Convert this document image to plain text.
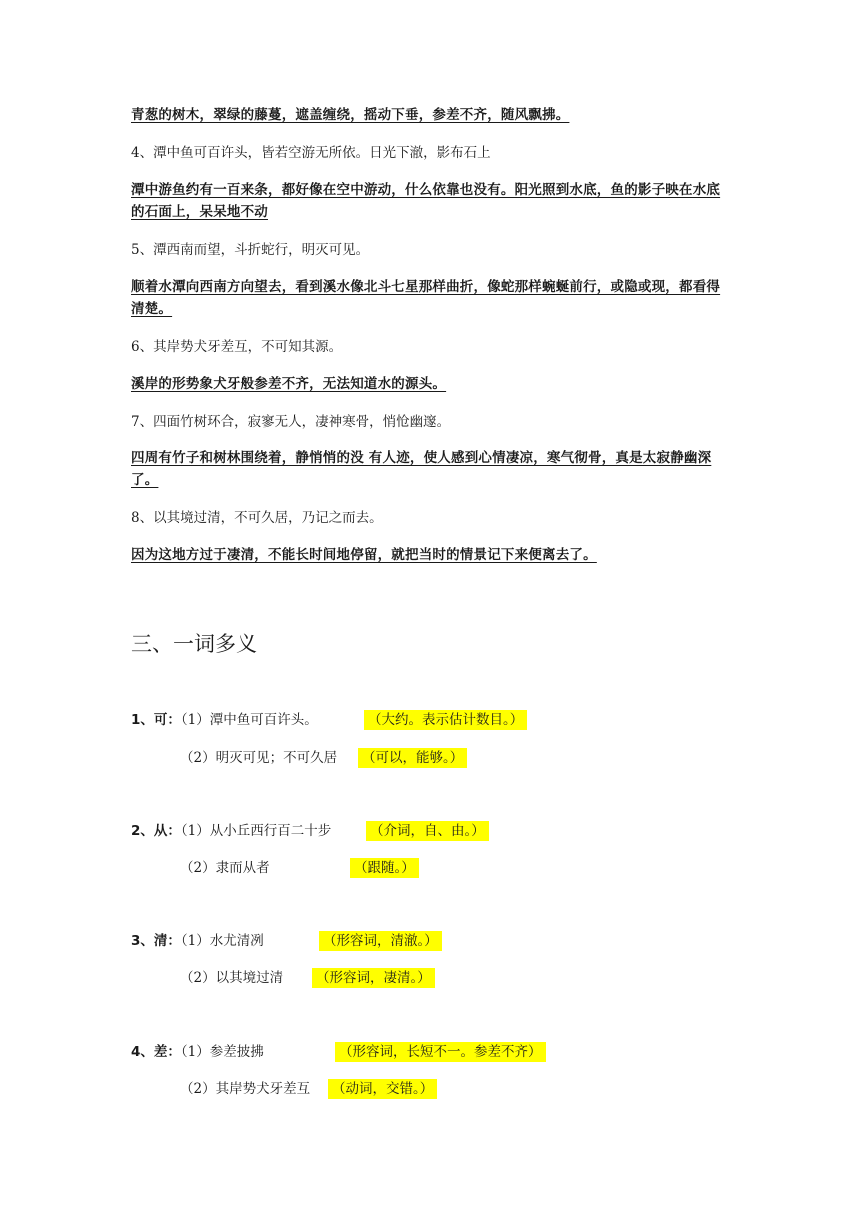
青葱的树木，翠绿的藤蔓，遮盖缠绕，摇动下垂，参差不齐，随风飘拂。
4、潭中鱼可百许头，皆若空游无所依。日光下澈，影布石上
潭中游鱼约有一百来条，都好像在空中游动，什么依靠也没有。阳光照到水底，鱼的影子映在水底的石面上，呆呆地不动
5、潭西南而望，斗折蛇行，明灭可见。
顺着水潭向西南方向望去，看到溪水像北斗七星那样曲折，像蛇那样蜿蜒前行，或隐或现，都看得清楚。
6、其岸势犬牙差互，不可知其源。
溪岸的形势象犬牙般参差不齐，无法知道水的源头。
7、四面竹树环合，寂寥无人，凄神寒骨，悄怆幽邃。
四周有竹子和树林围绕着，静悄悄的没 有人迹，使人感到心情凄凉，寒气彻骨，真是太寂静幽深了。
8、以其境过清，不可久居，乃记之而去。
因为这地方过于凄清，不能长时间地停留，就把当时的情景记下来便离去了。
三、一词多义
1、可：（1）潭中鱼可百许头。	（大约。表示估计数目。）
（2）明灭可见；不可久居 （可以，能够。）
2、从：（1）从小丘西行百二十步	（介词，自、由。）
（2）隶而从者	（跟随。）
3、清：（1）水尤清冽	（形容词，清澈。）
（2）以其境过清 （形容词，凄清。）
4、差：（1）参差披拂	（形容词，长短不一。参差不齐）
（2）其岸势犬牙差互 （动词，交错。）
